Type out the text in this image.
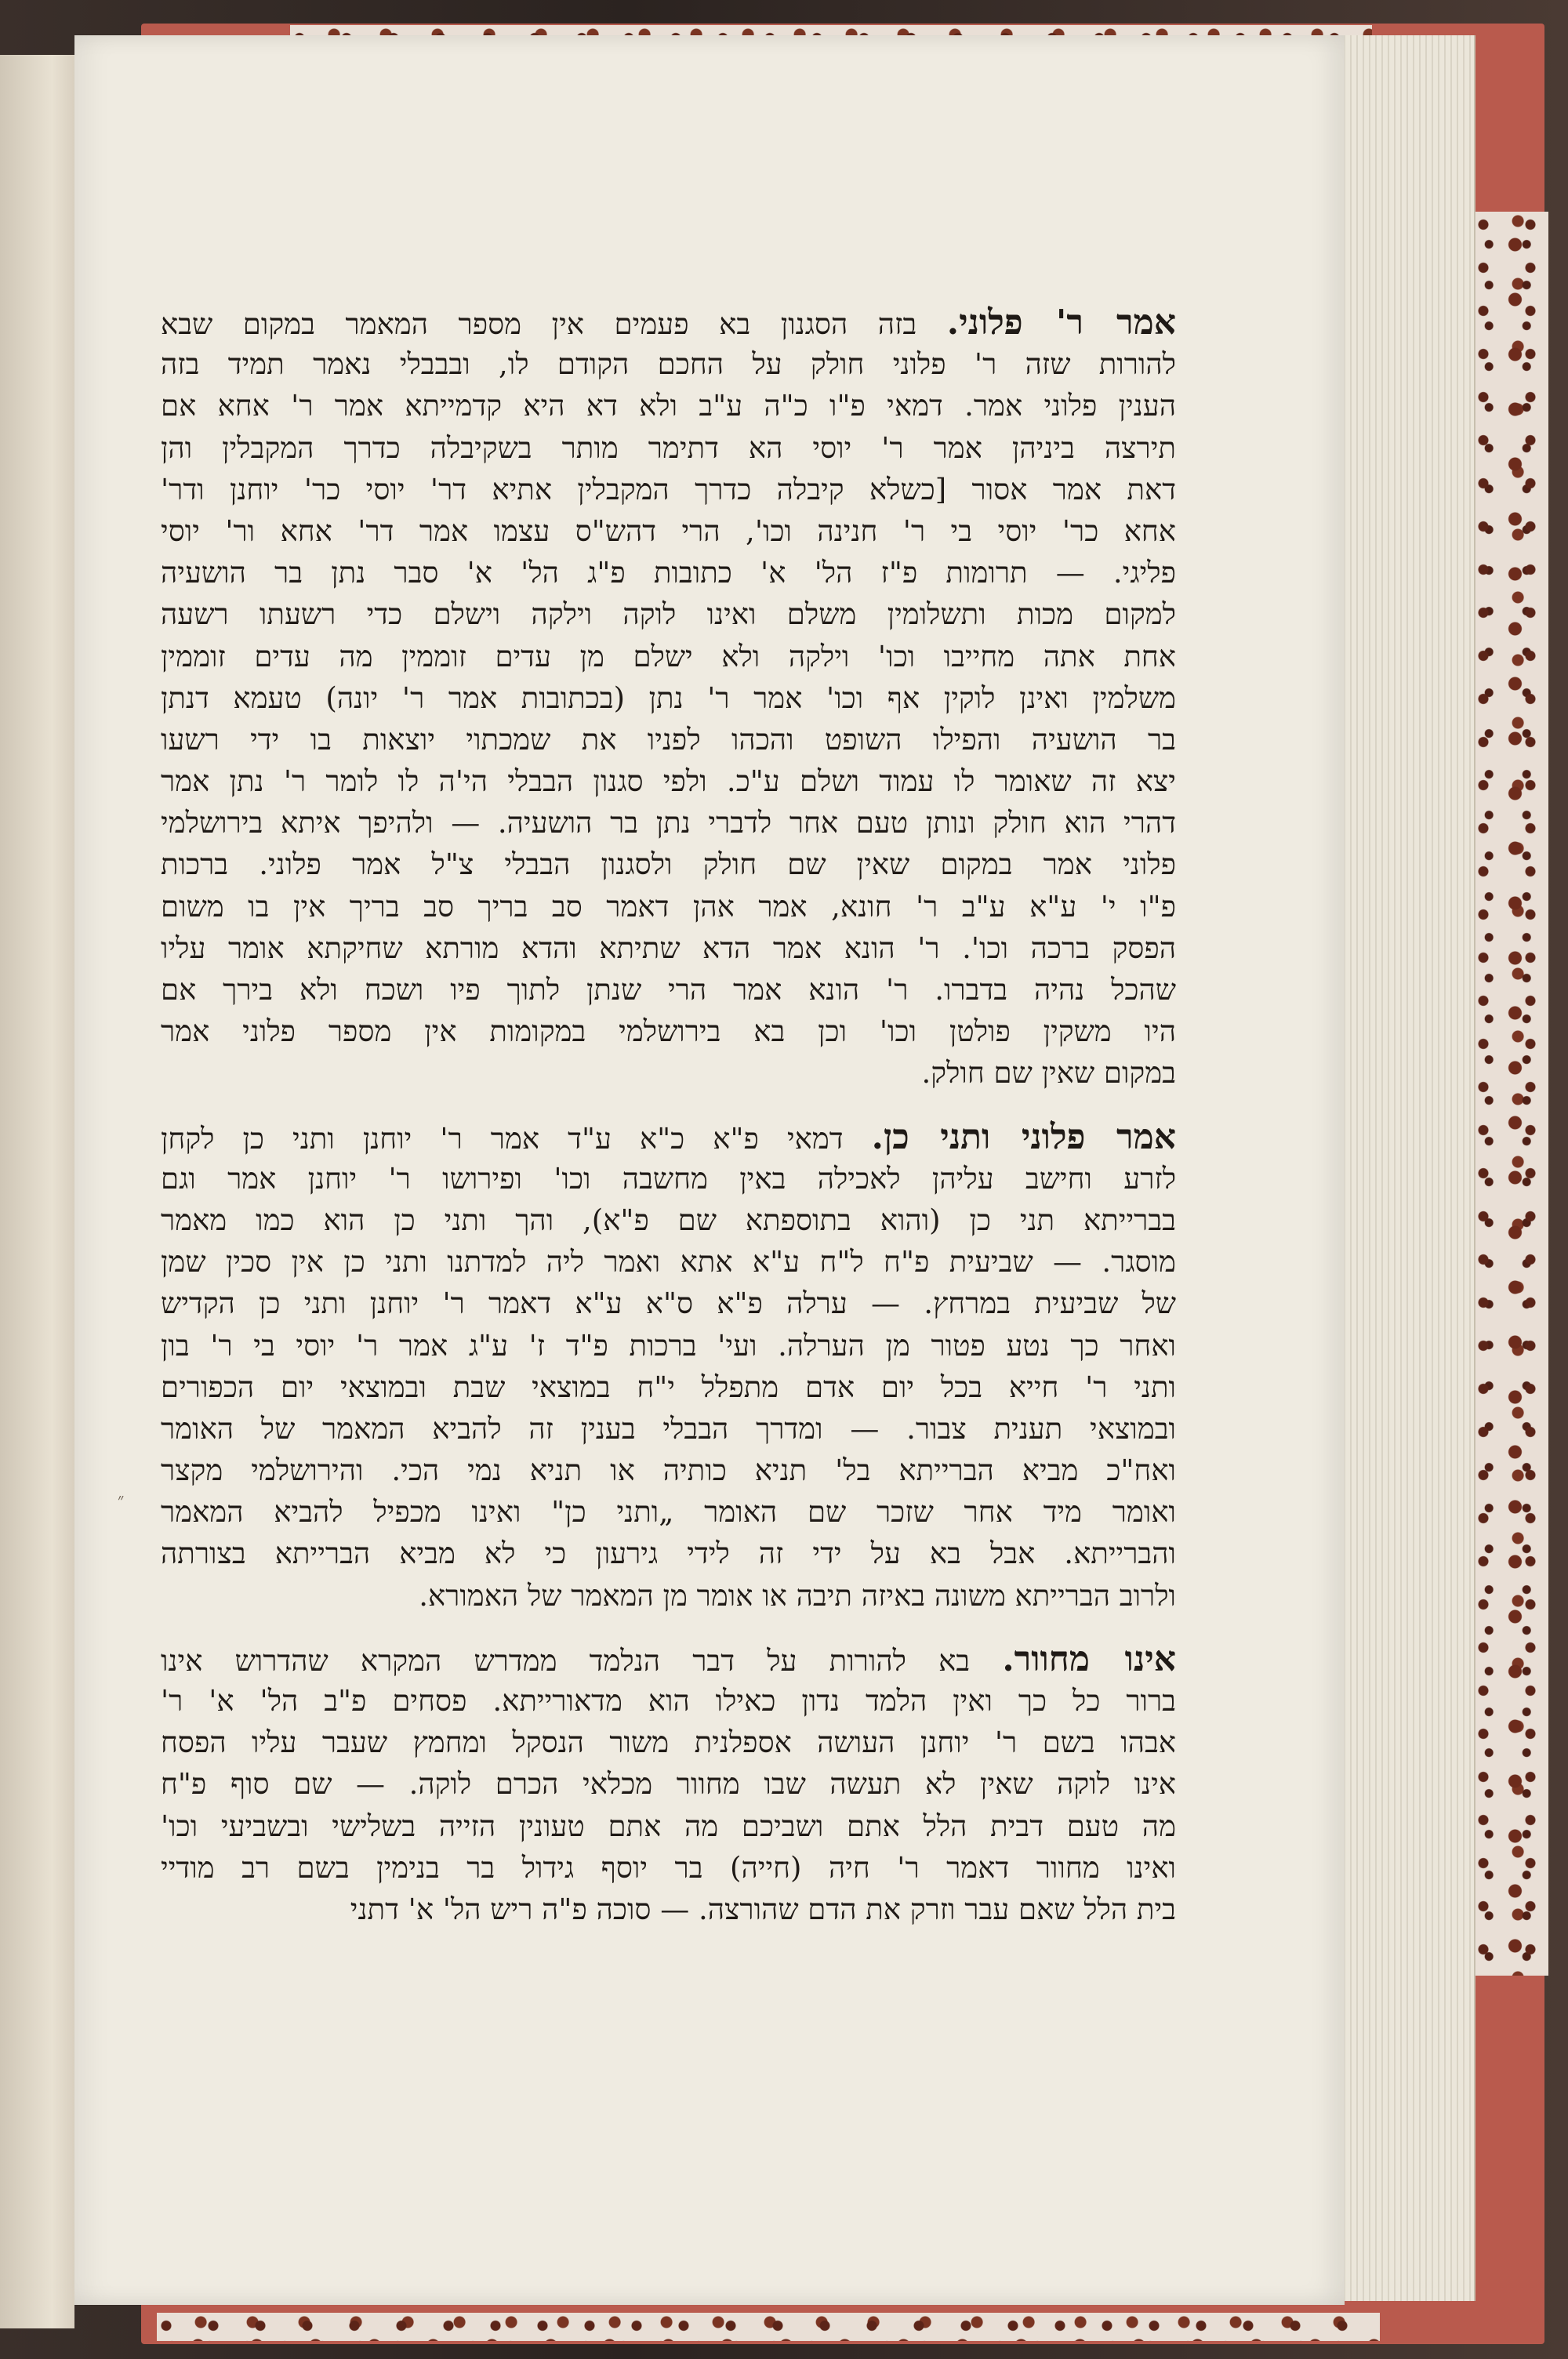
״
אמר ר' פלוני. בזה הסגנון בא פעמים אין מספר המאמר במקום שבא
להורות שזה ר' פלוני חולק על החכם הקודם לו, ובבבלי נאמר תמיד בזה
הענין פלוני אמר. דמאי פ"ו כ"ה ע"ב ולא דא היא קדמייתא אמר ר' אחא אם
תירצה ביניהן אמר ר' יוסי הא דתימר מותר בשקיבלה כדרך המקבלין והן
דאת אמר אסור [כשלא קיבלה כדרך המקבלין אתיא דר' יוסי כר' יוחנן ודר'
אחא כר' יוסי בי ר' חנינה וכו', הרי דהש"ס עצמו אמר דר' אחא ור' יוסי
פליגי. — תרומות פ"ז הל' א' כתובות פ"ג הל' א' סבר נתן בר הושעיה
למקום מכות ותשלומין משלם ואינו לוקה וילקה וישלם כדי רשעתו רשעה
אחת אתה מחייבו וכו' וילקה ולא ישלם מן עדים זוממין מה עדים זוממין
משלמין ואינן לוקין אף וכו' אמר ר' נתן (בכתובות אמר ר' יונה) טעמא דנתן
בר הושעיה והפילו השופט והכהו לפניו את שמכתוי יוצאות בו ידי רשעו
יצא זה שאומר לו עמוד ושלם ע"כ. ולפי סגנון הבבלי הי'ה לו לומר ר' נתן אמר
דהרי הוא חולק ונותן טעם אחר לדברי נתן בר הושעיה. — ולהיפך איתא בירושלמי
פלוני אמר במקום שאין שם חולק ולסגנון הבבלי צ"ל אמר פלוני. ברכות
פ"ו י' ע"א ע"ב ר' חונא, אמר אהן דאמר סב בריך סב בריך אין בו משום
הפסק ברכה וכו'. ר' הונא אמר הדא שתיתא והדא מורתא שחיקתא אומר עליו
שהכל נהיה בדברו. ר' הונא אמר הרי שנתן לתוך פיו ושכח ולא בירך אם
היו משקין פולטן וכו' וכן בא בירושלמי במקומות אין מספר פלוני אמר
במקום שאין שם חולק.
אמר פלוני ותני כן. דמאי פ"א כ"א ע"ד אמר ר' יוחנן ותני כן לקחן
לזרע וחישב עליהן לאכילה באין מחשבה וכו' ופירושו ר' יוחנן אמר וגם
בברייתא תני כן (והוא בתוספתא שם פ"א), והך ותני כן הוא כמו מאמר
מוסגר. — שביעית פ"ח ל"ח ע"א אתא ואמר ליה למדתנו ותני כן אין סכין שמן
של שביעית במרחץ. — ערלה פ"א ס"א ע"א דאמר ר' יוחנן ותני כן הקדיש
ואחר כך נטע פטור מן הערלה. ועי' ברכות פ"ד ז' ע"ג אמר ר' יוסי בי ר' בון
ותני ר' חייא בכל יום אדם מתפלל י"ח במוצאי שבת ובמוצאי יום הכפורים
ובמוצאי תענית צבור. — ומדרך הבבלי בענין זה להביא המאמר של האומר
ואח"כ מביא הברייתא בל' תניא כותיה או תניא נמי הכי. והירושלמי מקצר
ואומר מיד אחר שזכר שם האומר „ותני כן" ואינו מכפיל להביא המאמר
והברייתא. אבל בא על ידי זה לידי גירעון כי לא מביא הברייתא בצורתה
ולרוב הברייתא משונה באיזה תיבה או אומר מן המאמר של האמורא.
אינו מחוור. בא להורות על דבר הנלמד ממדרש המקרא שהדרוש אינו
ברור כל כך ואין הלמד נדון כאילו הוא מדאורייתא. פסחים פ"ב הל' א' ר'
אבהו בשם ר' יוחנן העושה אספלנית משור הנסקל ומחמץ שעבר עליו הפסח
אינו לוקה שאין לא תעשה שבו מחוור מכלאי הכרם לוקה. — שם סוף פ"ח
מה טעם דבית הלל אתם ושביכם מה אתם טעונין הזייה בשלישי ובשביעי וכו'
ואינו מחוור דאמר ר' חיה (חייה) בר יוסף גידול בר בנימין בשם רב מודיי
בית הלל שאם עבר וזרק את הדם שהורצה. — סוכה פ"ה ריש הל' א' דתני
